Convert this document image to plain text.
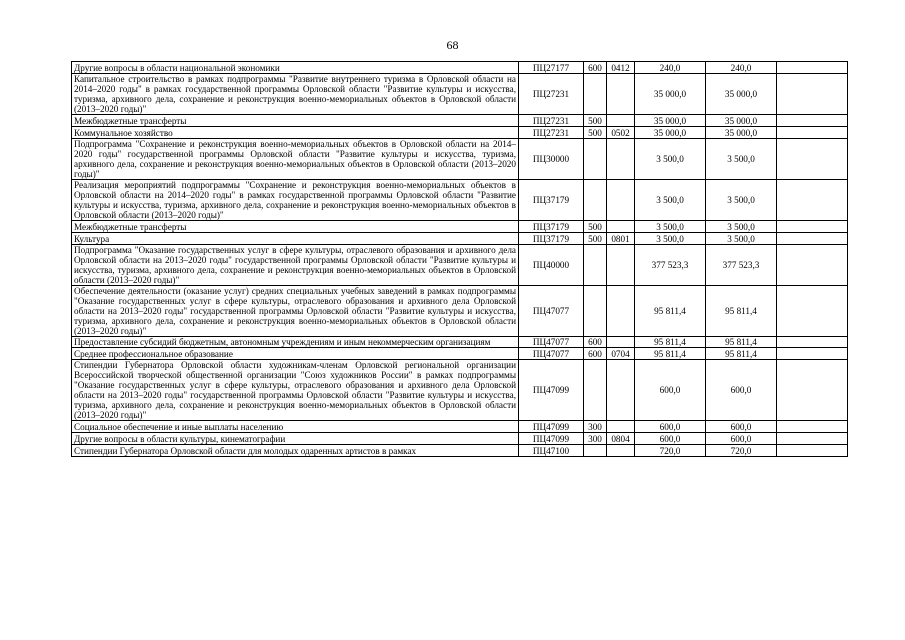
68
Другие вопросы в области национальной экономики	ПЦ27177	600	0412	240,0	240,0	
Капитальное строительство в рамках подпрограммы "Развитие внутреннего туризма в Орловской области на 2014–2020 годы" в рамках государственной программы Орловской области "Развитие культуры и искусства, туризма, архивного дела, сохранение и реконструкция военно-мемориальных объектов в Орловской области (2013–2020 годы)"	ПЦ27231			35 000,0	35 000,0	
Межбюджетные трансферты	ПЦ27231	500		35 000,0	35 000,0	
Коммунальное хозяйство	ПЦ27231	500	0502	35 000,0	35 000,0	
Подпрограмма "Сохранение и реконструкция военно-мемориальных объектов в Орловской области на 2014–2020 годы" государственной программы Орловской области "Развитие культуры и искусства, туризма, архивного дела, сохранение и реконструкция военно-мемориальных объектов в Орловской области (2013–2020 годы)"	ПЦ30000			3 500,0	3 500,0	
Реализация мероприятий подпрограммы "Сохранение и реконструкция военно-мемориальных объектов в Орловской области на 2014–2020 годы" в рамках государственной программы Орловской области "Развитие культуры и искусства, туризма, архивного дела, сохранение и реконструкция военно-мемориальных объектов в Орловской области (2013–2020 годы)"	ПЦ37179			3 500,0	3 500,0	
Межбюджетные трансферты	ПЦ37179	500		3 500,0	3 500,0	
Культура	ПЦ37179	500	0801	3 500,0	3 500,0	
Подпрограмма "Оказание государственных услуг в сфере культуры, отраслевого образования и архивного дела Орловской области на 2013–2020 годы" государственной программы Орловской области "Развитие культуры и искусства, туризма, архивного дела, сохранение и реконструкция военно-мемориальных объектов в Орловской области (2013–2020 годы)"	ПЦ40000			377 523,3	377 523,3	
Обеспечение деятельности (оказание услуг) средних специальных учебных заведений в рамках подпрограммы "Оказание государственных услуг в сфере культуры, отраслевого образования и архивного дела Орловской области на 2013–2020 годы" государственной программы Орловской области "Развитие культуры и искусства, туризма, архивного дела, сохранение и реконструкция военно-мемориальных объектов в Орловской области (2013–2020 годы)"	ПЦ47077			95 811,4	95 811,4	
Предоставление субсидий бюджетным, автономным учреждениям и иным некоммерческим организациям	ПЦ47077	600		95 811,4	95 811,4	
Среднее профессиональное образование	ПЦ47077	600	0704	95 811,4	95 811,4	
Стипендии Губернатора Орловской области художникам-членам Орловской региональной организации Всероссийской творческой общественной организации "Союз художников России" в рамках подпрограммы "Оказание государственных услуг в сфере культуры, отраслевого образования и архивного дела Орловской области на 2013–2020 годы" государственной программы Орловской области "Развитие культуры и искусства, туризма, архивного дела, сохранение и реконструкция военно-мемориальных объектов в Орловской области (2013–2020 годы)"	ПЦ47099			600,0	600,0	
Социальное обеспечение и иные выплаты населению	ПЦ47099	300		600,0	600,0	
Другие вопросы в области культуры, кинематографии	ПЦ47099	300	0804	600,0	600,0	
Стипендии Губернатора Орловской области для молодых одаренных артистов в рамках	ПЦ47100			720,0	720,0	
